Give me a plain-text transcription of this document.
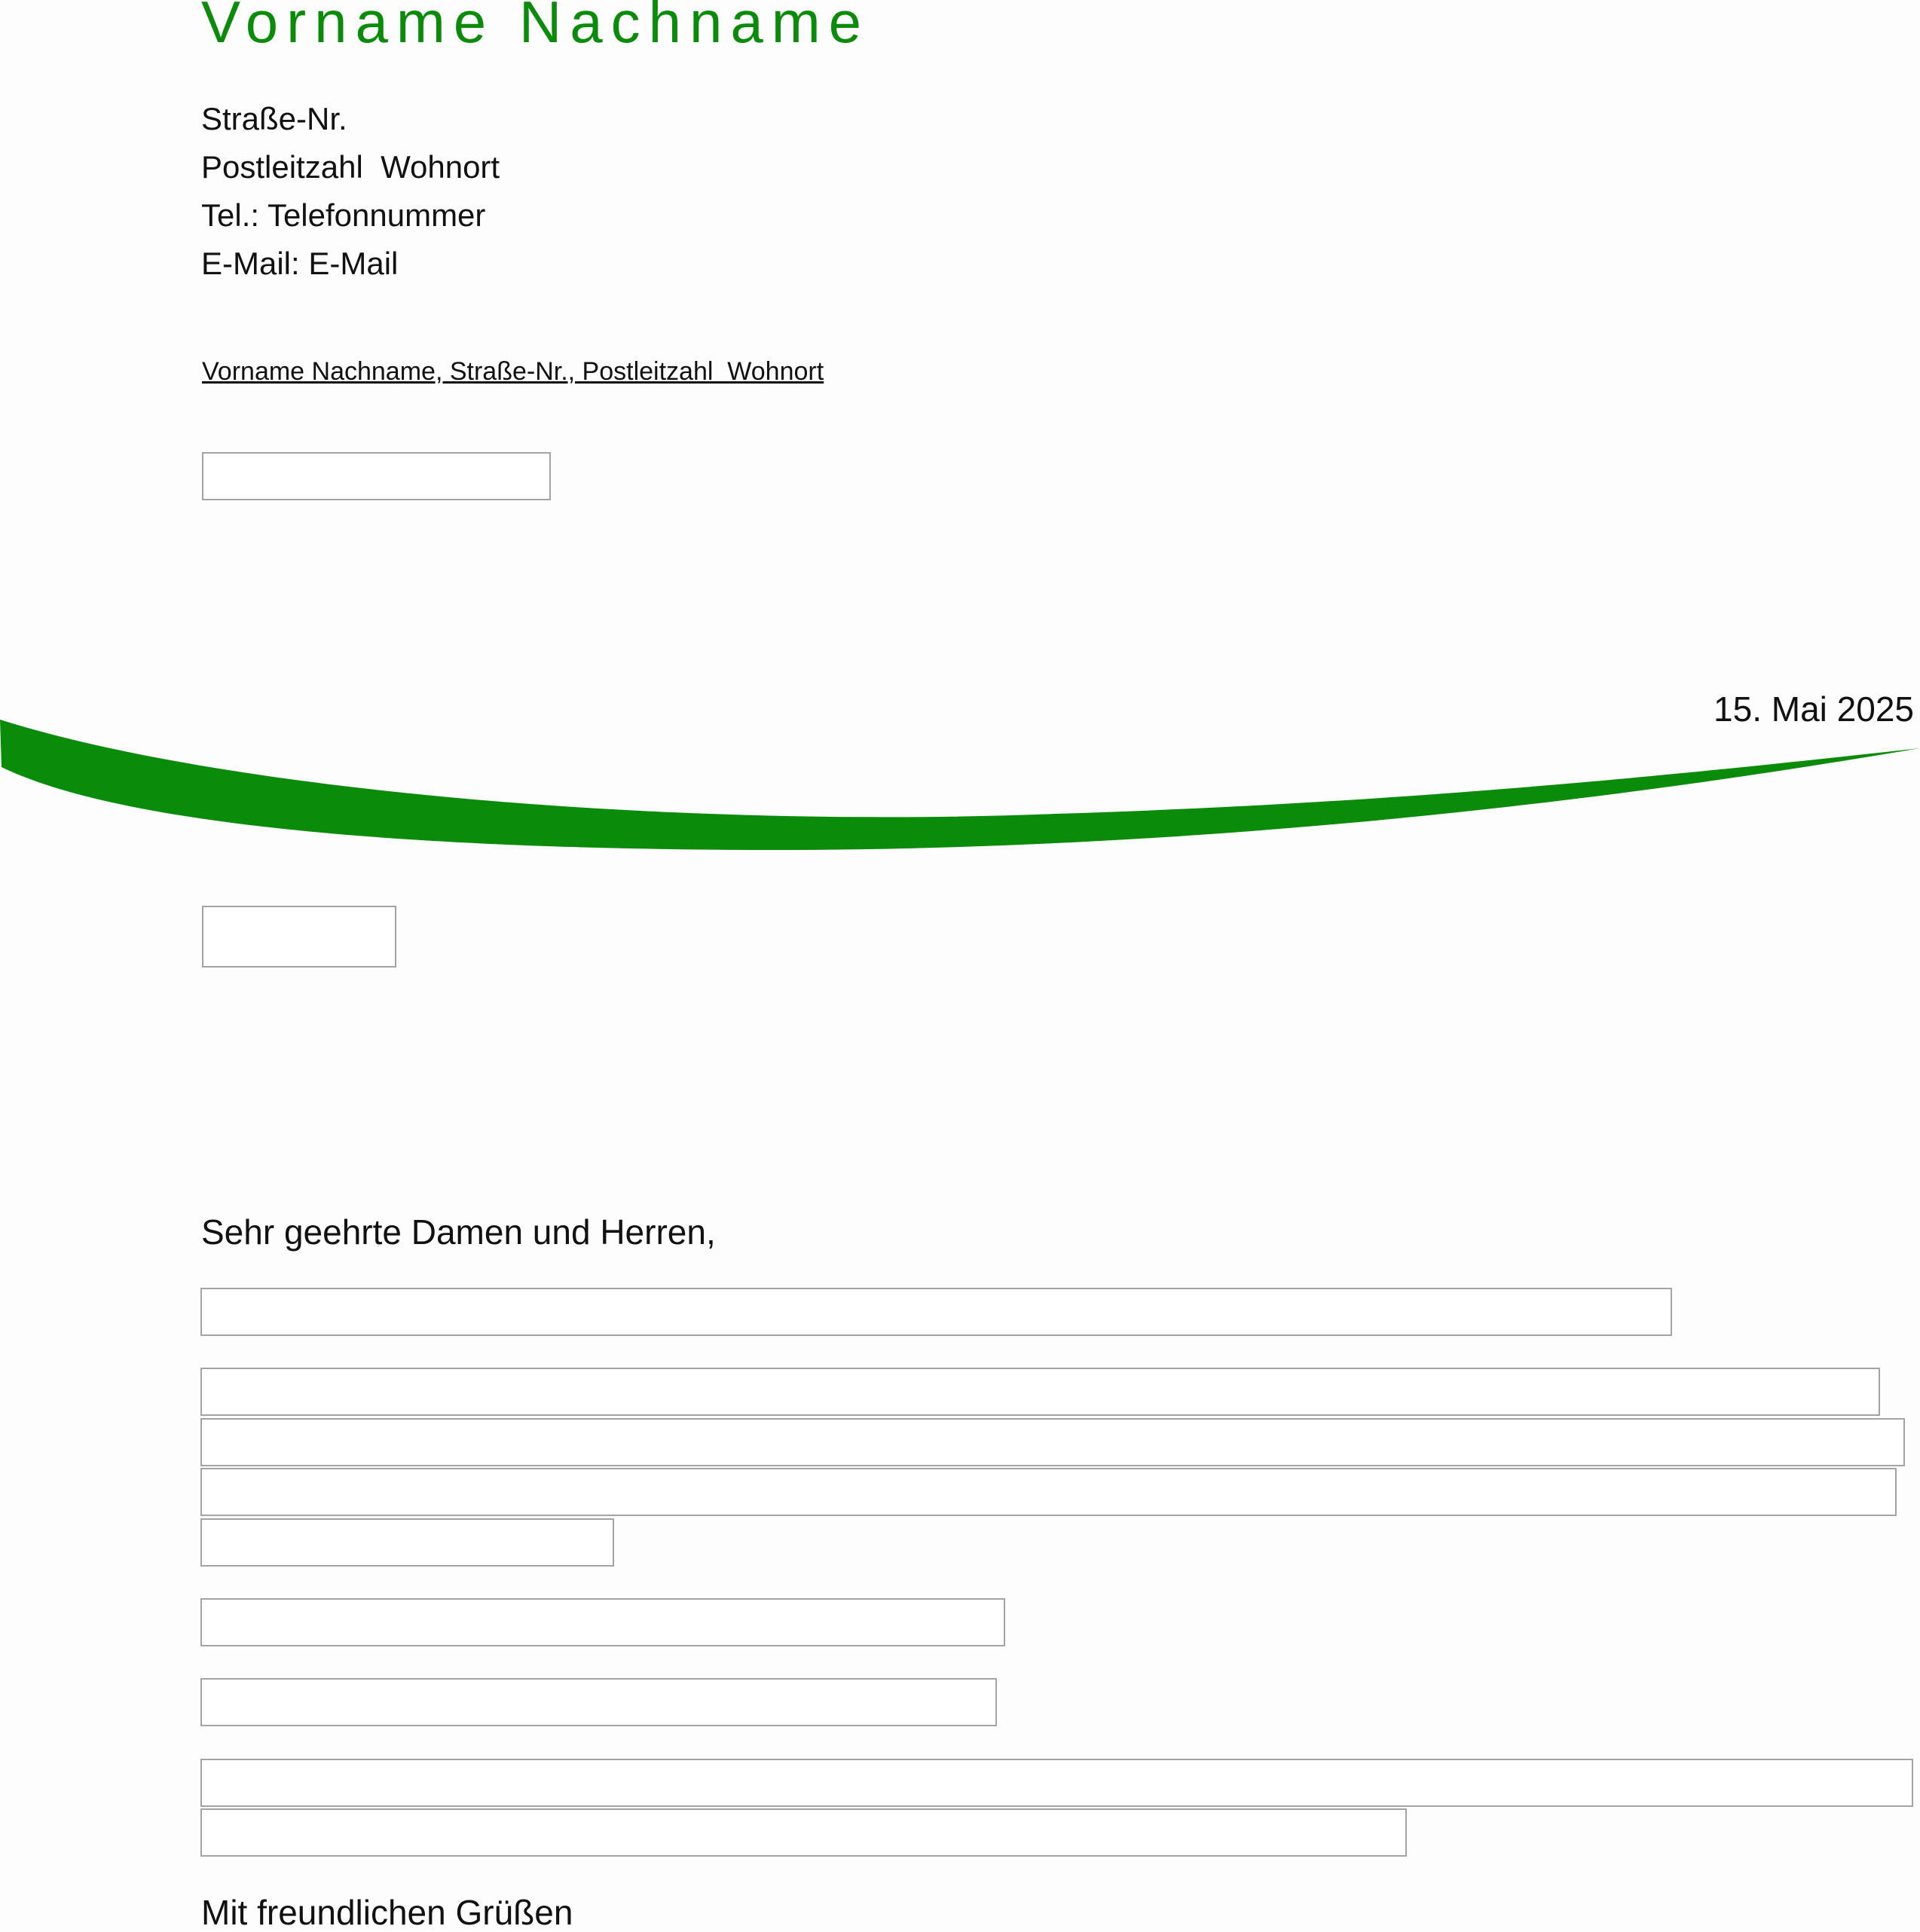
Vorname Nachname
Straße-Nr.
Postleitzahl  Wohnort
Tel.: Telefonnummer
E-Mail: E-Mail
Vorname Nachname, Straße-Nr., Postleitzahl  Wohnort
15. Mai 2025
Sehr geehrte Damen und Herren,
Mit freundlichen Grüßen
